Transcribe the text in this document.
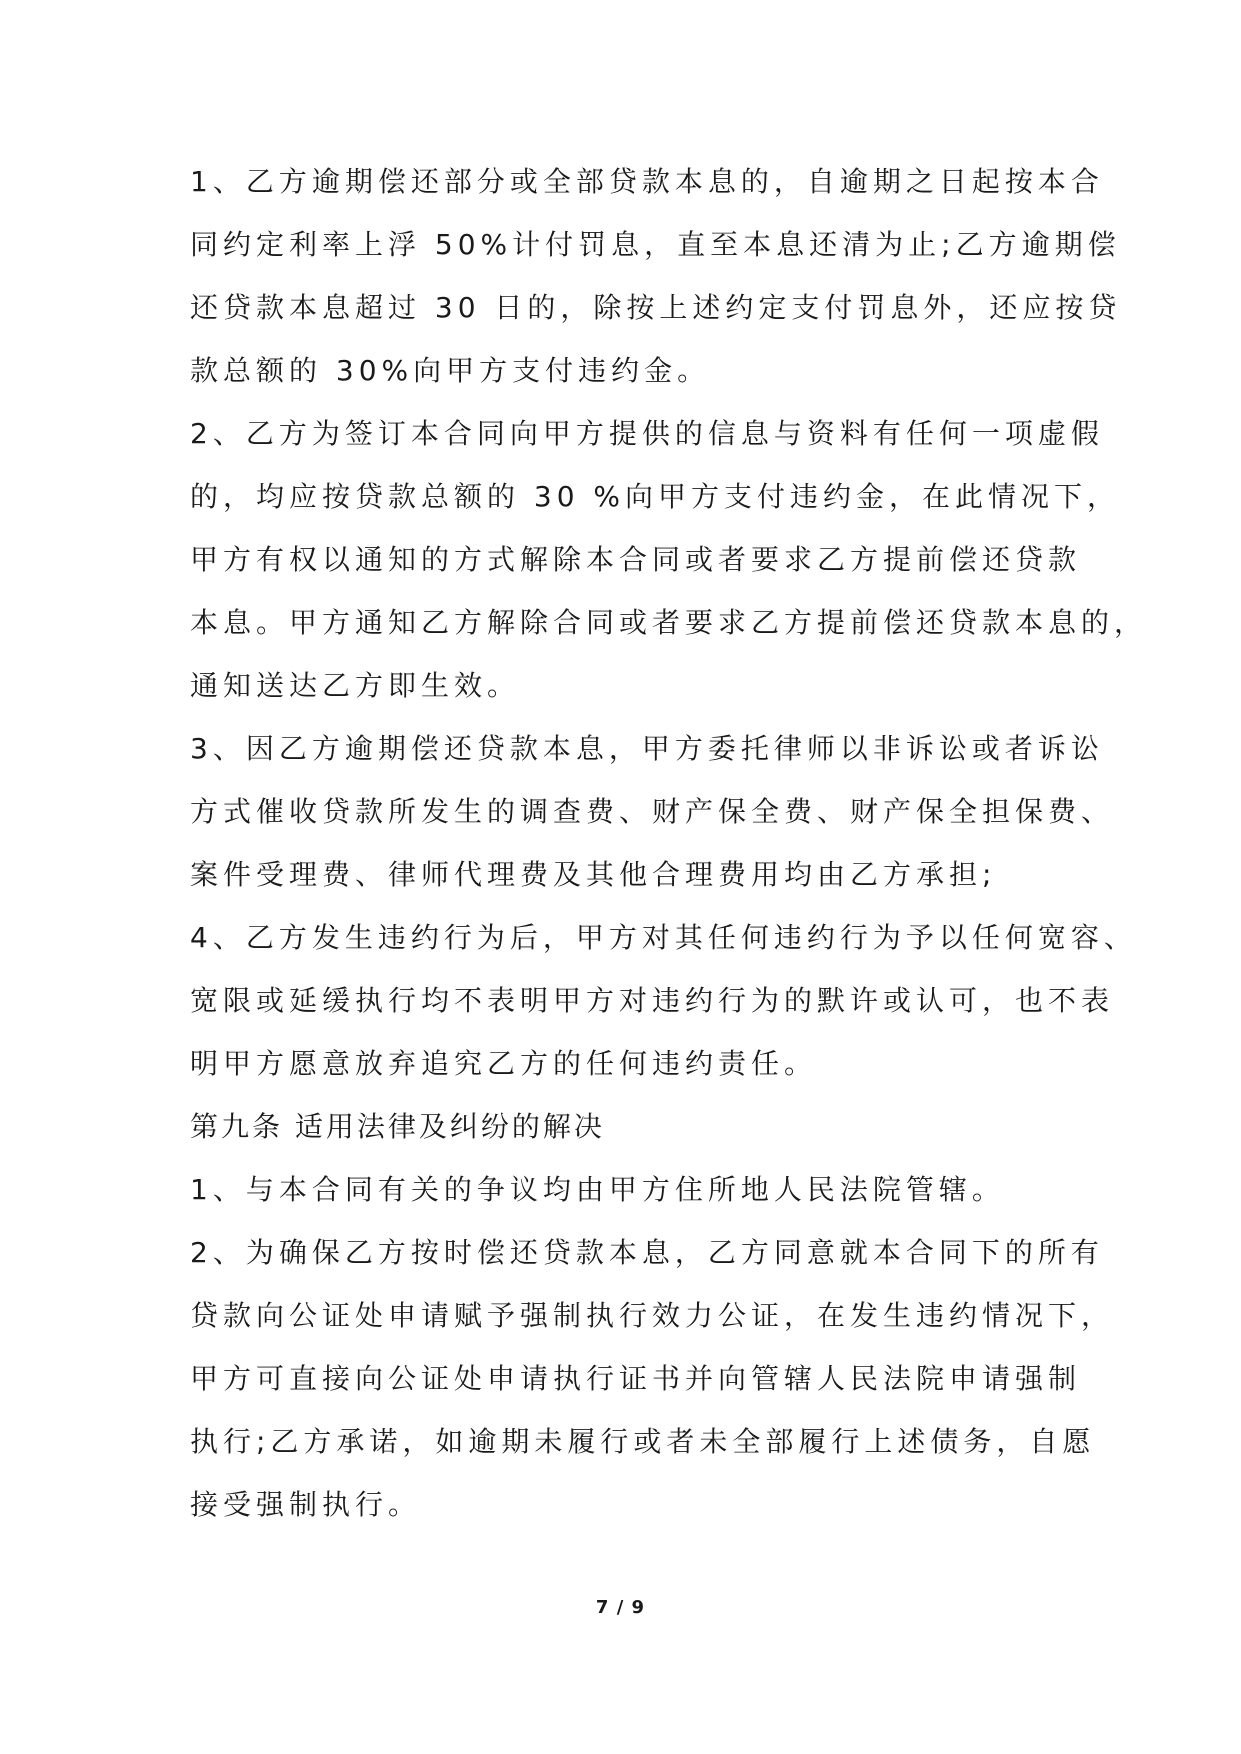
1、乙方逾期偿还部分或全部贷款本息的，自逾期之日起按本合
同约定利率上浮 50%计付罚息，直至本息还清为止;乙方逾期偿
还贷款本息超过 30 日的，除按上述约定支付罚息外，还应按贷
款总额的 30%向甲方支付违约金。
2、乙方为签订本合同向甲方提供的信息与资料有任何一项虚假
的，均应按贷款总额的 30 %向甲方支付违约金，在此情况下，
甲方有权以通知的方式解除本合同或者要求乙方提前偿还贷款
本息。甲方通知乙方解除合同或者要求乙方提前偿还贷款本息的，
通知送达乙方即生效。
3、因乙方逾期偿还贷款本息，甲方委托律师以非诉讼或者诉讼
方式催收贷款所发生的调查费、财产保全费、财产保全担保费、
案件受理费、律师代理费及其他合理费用均由乙方承担;
4、乙方发生违约行为后，甲方对其任何违约行为予以任何宽容、
宽限或延缓执行均不表明甲方对违约行为的默许或认可，也不表
明甲方愿意放弃追究乙方的任何违约责任。
第九条 适用法律及纠纷的解决
1、与本合同有关的争议均由甲方住所地人民法院管辖。
2、为确保乙方按时偿还贷款本息，乙方同意就本合同下的所有
贷款向公证处申请赋予强制执行效力公证，在发生违约情况下，
甲方可直接向公证处申请执行证书并向管辖人民法院申请强制
执行;乙方承诺，如逾期未履行或者未全部履行上述债务，自愿
接受强制执行。
7 / 9
